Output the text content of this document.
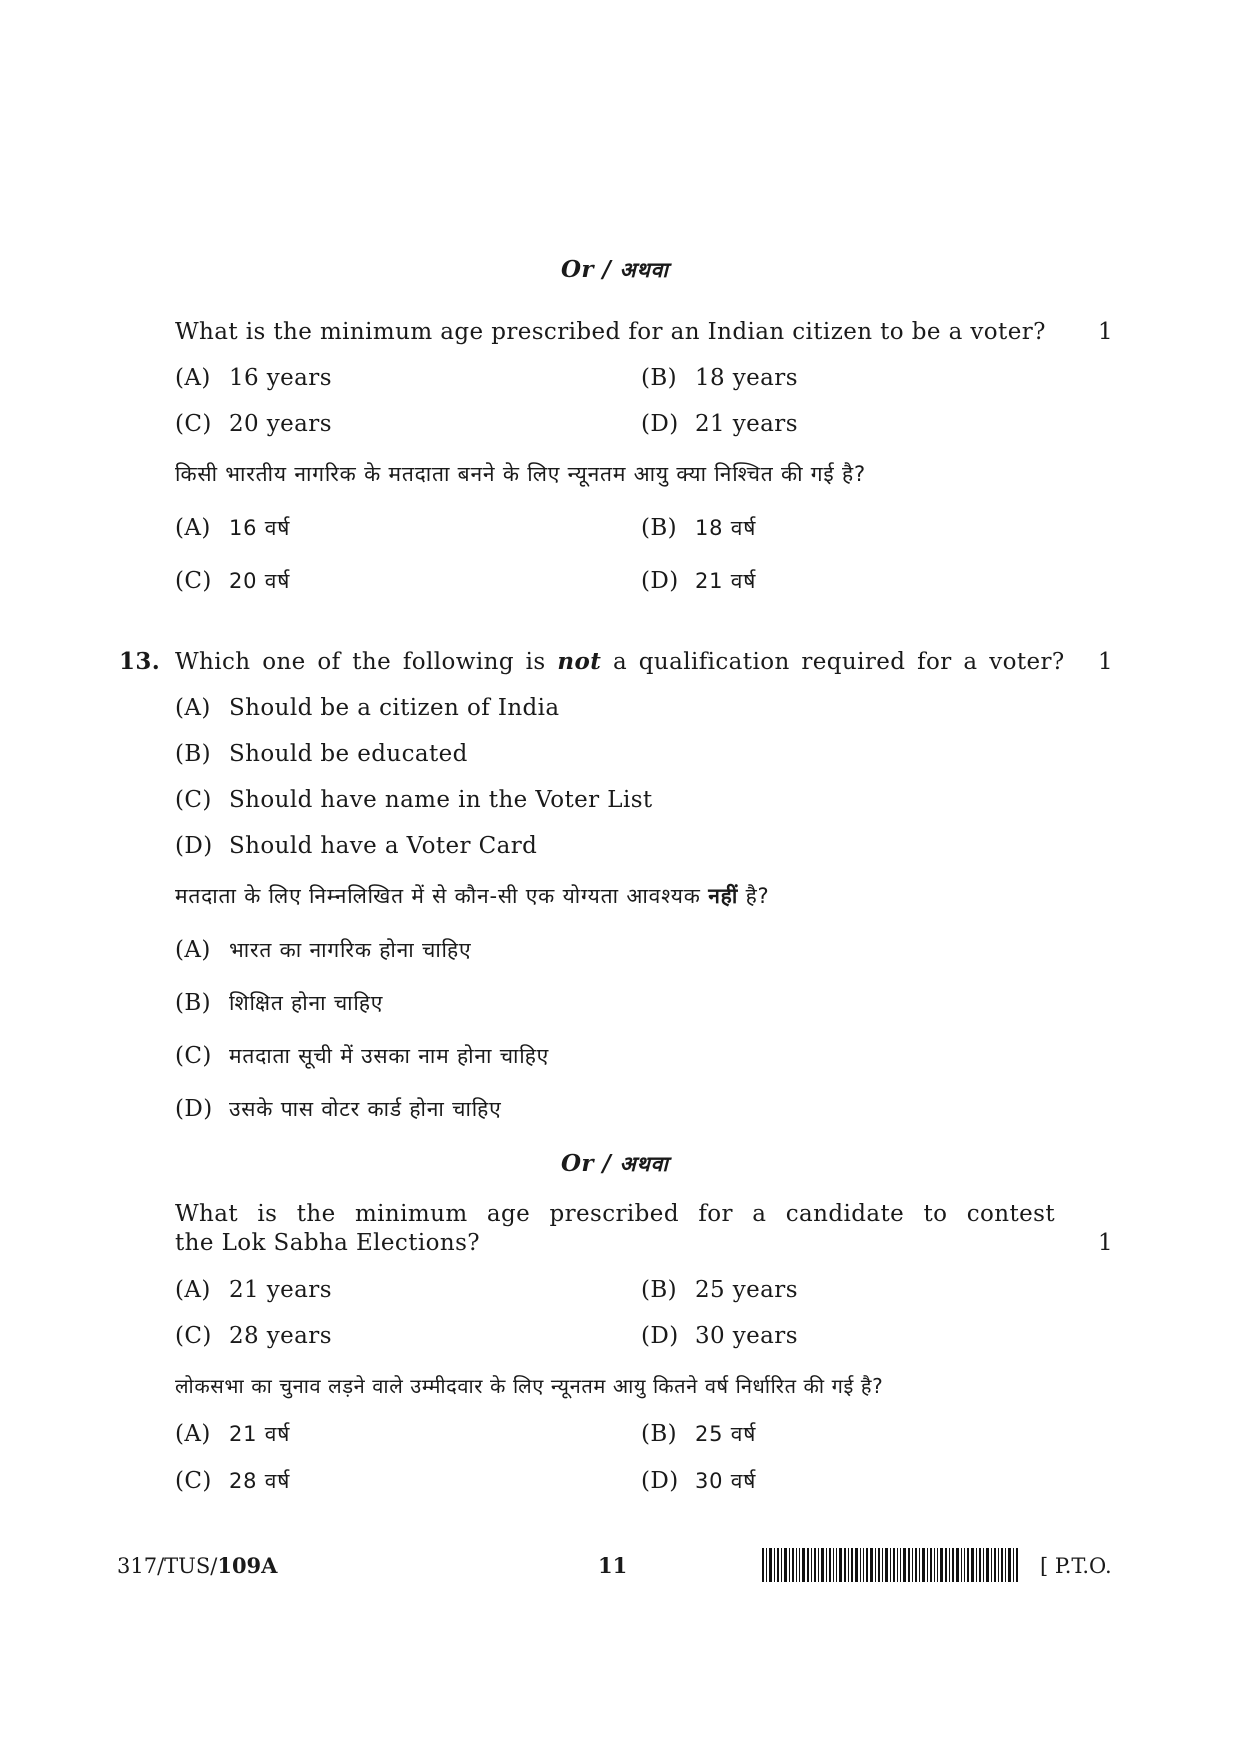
Or / अथवा
What is the minimum age prescribed for an Indian citizen to be a voter? 1
(A) 16 years	(B) 18 years
(C) 20 years	(D) 21 years
किसी भारतीय नागरिक के मतदाता बनने के लिए न्यूनतम आयु क्या निश्चित की गई है?
(A) 16 वर्ष	(B) 18 वर्ष
(C) 20 वर्ष	(D) 21 वर्ष
13. Which one of the following is not a qualification required for a voter? 1
(A) Should be a citizen of India
(B) Should be educated
(C) Should have name in the Voter List
(D) Should have a Voter Card
मतदाता के लिए निम्नलिखित में से कौन-सी एक योग्यता आवश्यक नहीं है?
(A) भारत का नागरिक होना चाहिए
(B) शिक्षित होना चाहिए
(C) मतदाता सूची में उसका नाम होना चाहिए
(D) उसके पास वोटर कार्ड होना चाहिए
Or / अथवा
What is the minimum age prescribed for a candidate to contest
the Lok Sabha Elections?	1
(A) 21 years	(B) 25 years
(C) 28 years	(D) 30 years
लोकसभा का चुनाव लड़ने वाले उम्मीदवार के लिए न्यूनतम आयु कितने वर्ष निर्धारित की गई है?
(A) 21 वर्ष	(B) 25 वर्ष
(C) 28 वर्ष	(D) 30 वर्ष
317/TUS/109A	11	[ P.T.O.
